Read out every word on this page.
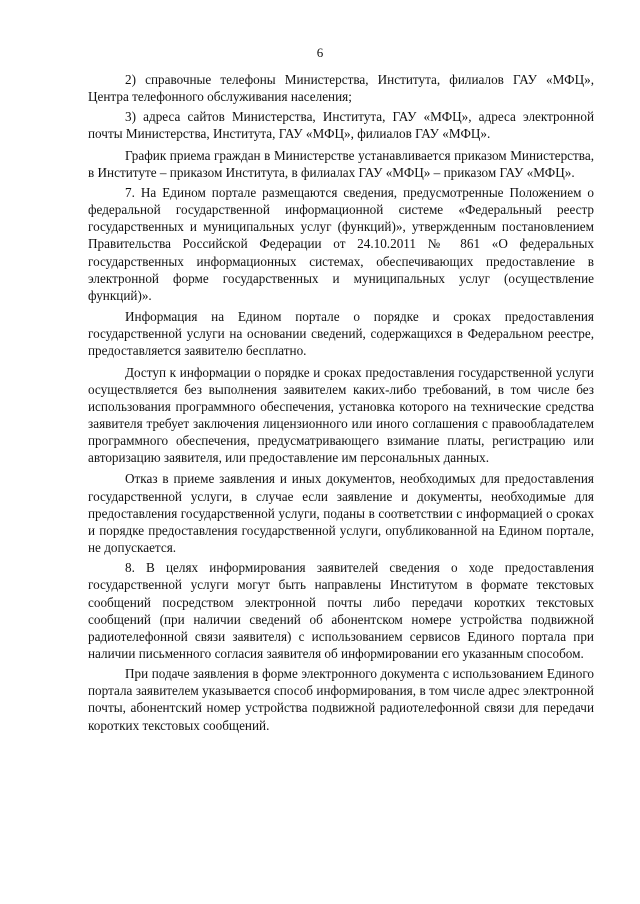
6

2) справочные телефоны Министерства, Института, филиалов ГАУ «МФЦ», Центра телефонного обслуживания населения;

3) адреса сайтов Министерства, Института, ГАУ «МФЦ», адреса электронной почты Министерства, Института, ГАУ «МФЦ», филиалов ГАУ «МФЦ».

График приема граждан в Министерстве устанавливается приказом Министерства, в Институте – приказом Института, в филиалах ГАУ «МФЦ» – приказом ГАУ «МФЦ».

7. На Едином портале размещаются сведения, предусмотренные Положением о федеральной государственной информационной системе «Федеральный реестр государственных и муниципальных услуг (функций)», утвержденным постановлением Правительства Российской Федерации от 24.10.2011 № 861 «О федеральных государственных информационных системах, обеспечивающих предоставление в электронной форме государственных и муниципальных услуг (осуществление функций)».

Информация на Едином портале о порядке и сроках предоставления государственной услуги на основании сведений, содержащихся в Федеральном реестре, предоставляется заявителю бесплатно.

Доступ к информации о порядке и сроках предоставления государственной услуги осуществляется без выполнения заявителем каких-либо требований, в том числе без использования программного обеспечения, установка которого на технические средства заявителя требует заключения лицензионного или иного соглашения с правообладателем программного обеспечения, предусматривающего взимание платы, регистрацию или авторизацию заявителя, или предоставление им персональных данных.

Отказ в приеме заявления и иных документов, необходимых для предоставления государственной услуги, в случае если заявление и документы, необходимые для предоставления государственной услуги, поданы в соответствии с информацией о сроках и порядке предоставления государственной услуги, опубликованной на Едином портале, не допускается.

8. В целях информирования заявителей сведения о ходе предоставления государственной услуги могут быть направлены Институтом в формате текстовых сообщений посредством электронной почты либо передачи коротких текстовых сообщений (при наличии сведений об абонентском номере устройства подвижной радиотелефонной связи заявителя) с использованием сервисов Единого портала при наличии письменного согласия заявителя об информировании его указанным способом.

При подаче заявления в форме электронного документа с использованием Единого портала заявителем указывается способ информирования, в том числе адрес электронной почты, абонентский номер устройства подвижной радиотелефонной связи для передачи коротких текстовых сообщений.
